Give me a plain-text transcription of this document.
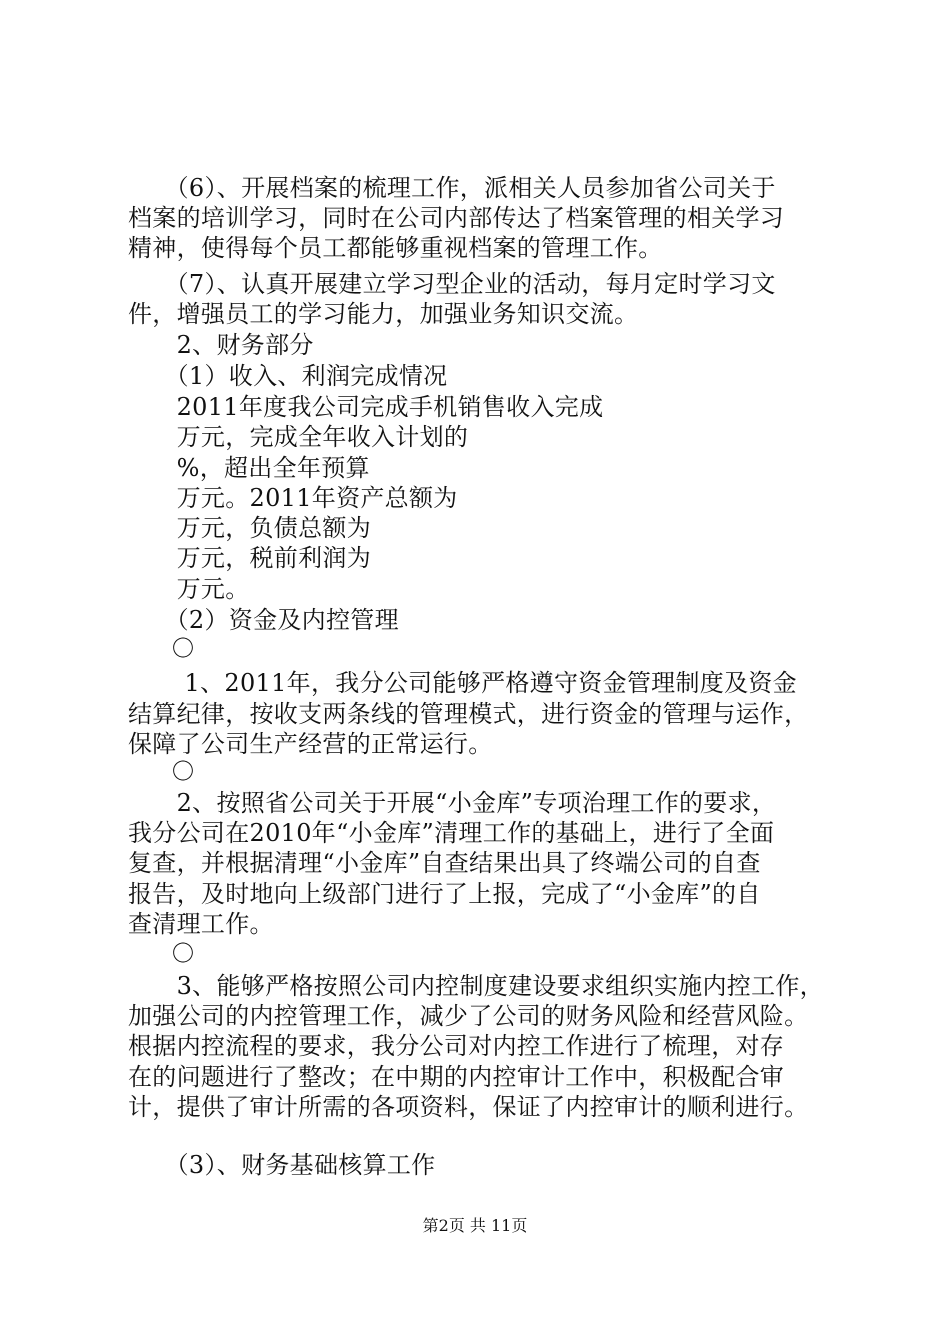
　　（6）、开展档案的梳理工作，派相关人员参加省公司关于
档案的培训学习，同时在公司内部传达了档案管理的相关学习
精神，使得每个员工都能够重视档案的管理工作。
　　（7）、认真开展建立学习型企业的活动，每月定时学习文
件，增强员工的学习能力，加强业务知识交流。
　　2、财务部分
　　（1）收入、利润完成情况
　　2011年度我公司完成手机销售收入完成
　　万元，完成全年收入计划的
　　%，超出全年预算
　　万元。2011年资产总额为
　　万元，负债总额为
　　万元，税前利润为
　　万元。
　　（2）资金及内控管理
　　〇
　　 1、2011年，我分公司能够严格遵守资金管理制度及资金
结算纪律，按收支两条线的管理模式，进行资金的管理与运作，
保障了公司生产经营的正常运行。
　　〇
　　2、按照省公司关于开展“小金库”专项治理工作的要求，
我分公司在2010年“小金库”清理工作的基础上，进行了全面
复查，并根据清理“小金库”自查结果出具了终端公司的自查
报告，及时地向上级部门进行了上报，完成了“小金库”的自
查清理工作。
　　〇
　　3、能够严格按照公司内控制度建设要求组织实施内控工作，
加强公司的内控管理工作，减少了公司的财务风险和经营风险。
根据内控流程的要求，我分公司对内控工作进行了梳理，对存
在的问题进行了整改；在中期的内控审计工作中，积极配合审
计，提供了审计所需的各项资料，保证了内控审计的顺利进行。
　　（3）、财务基础核算工作
第2页 共 11页
